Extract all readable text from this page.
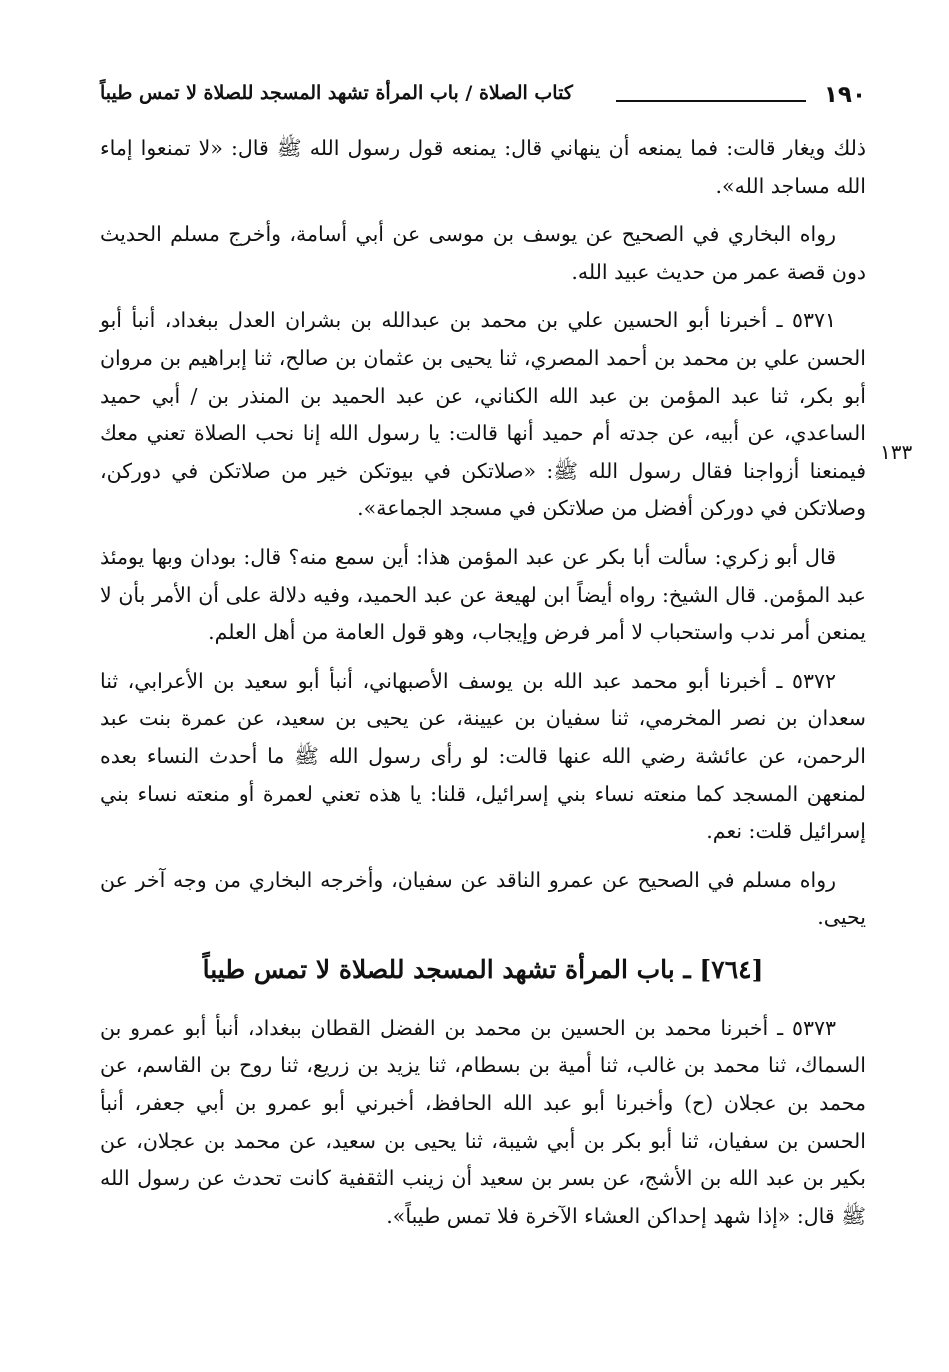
١٩٠
كتاب الصلاة / باب المرأة تشهد المسجد للصلاة لا تمس طيباً
١٣٣

ذلك ويغار قالت: فما يمنعه أن ينهاني قال: يمنعه قول رسول الله ﷺ قال: «لا تمنعوا إماء الله مساجد الله».

رواه البخاري في الصحيح عن يوسف بن موسى عن أبي أسامة، وأخرج مسلم الحديث دون قصة عمر من حديث عبيد الله.

٥٣٧١ ـ أخبرنا أبو الحسين علي بن محمد بن عبدالله بن بشران العدل ببغداد، أنبأ أبو الحسن علي بن محمد بن أحمد المصري، ثنا يحيى بن عثمان بن صالح، ثنا إبراهيم بن مروان أبو بكر، ثنا عبد المؤمن بن عبد الله الكناني، عن عبد الحميد بن المنذر بن / أبي حميد الساعدي، عن أبيه، عن جدته أم حميد أنها قالت: يا رسول الله إنا نحب الصلاة تعني معك فيمنعنا أزواجنا فقال رسول الله ﷺ: «صلاتكن في بيوتكن خير من صلاتكن في دوركن، وصلاتكن في دوركن أفضل من صلاتكن في مسجد الجماعة».

قال أبو زكري: سألت أبا بكر عن عبد المؤمن هذا: أين سمع منه؟ قال: بودان وبها يومئذ عبد المؤمن. قال الشيخ: رواه أيضاً ابن لهيعة عن عبد الحميد، وفيه دلالة على أن الأمر بأن لا يمنعن أمر ندب واستحباب لا أمر فرض وإيجاب، وهو قول العامة من أهل العلم.

٥٣٧٢ ـ أخبرنا أبو محمد عبد الله بن يوسف الأصبهاني، أنبأ أبو سعيد بن الأعرابي، ثنا سعدان بن نصر المخرمي، ثنا سفيان بن عيينة، عن يحيى بن سعيد، عن عمرة بنت عبد الرحمن، عن عائشة رضي الله عنها قالت: لو رأى رسول الله ﷺ ما أحدث النساء بعده لمنعهن المسجد كما منعته نساء بني إسرائيل، قلنا: يا هذه تعني لعمرة أو منعته نساء بني إسرائيل قلت: نعم.

رواه مسلم في الصحيح عن عمرو الناقد عن سفيان، وأخرجه البخاري من وجه آخر عن يحيى.

[٧٦٤] ـ باب المرأة تشهد المسجد للصلاة لا تمس طيباً

٥٣٧٣ ـ أخبرنا محمد بن الحسين بن محمد بن الفضل القطان ببغداد، أنبأ أبو عمرو بن السماك، ثنا محمد بن غالب، ثنا أمية بن بسطام، ثنا يزيد بن زريع، ثنا روح بن القاسم، عن محمد بن عجلان (ح) وأخبرنا أبو عبد الله الحافظ، أخبرني أبو عمرو بن أبي جعفر، أنبأ الحسن بن سفيان، ثنا أبو بكر بن أبي شيبة، ثنا يحيى بن سعيد، عن محمد بن عجلان، عن بكير بن عبد الله بن الأشج، عن بسر بن سعيد أن زينب الثقفية كانت تحدث عن رسول الله ﷺ قال: «إذا شهد إحداكن العشاء الآخرة فلا تمس طيباً».
